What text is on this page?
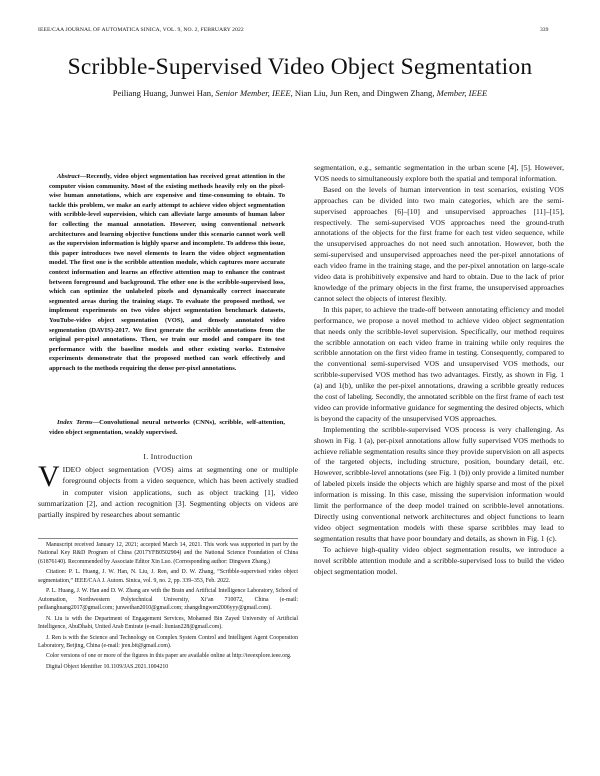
IEEE/CAA JOURNAL OF AUTOMATICA SINICA, VOL. 9, NO. 2, FEBRUARY 2022	339
Scribble-Supervised Video Object Segmentation
Peiliang Huang, Junwei Han, Senior Member, IEEE, Nian Liu, Jun Ren, and Dingwen Zhang, Member, IEEE
Abstract—Recently, video object segmentation has received great attention in the computer vision community. Most of the existing methods heavily rely on the pixel-wise human annotations, which are expensive and time-consuming to obtain. To tackle this problem, we make an early attempt to achieve video object segmentation with scribble-level supervision, which can alleviate large amounts of human labor for collecting the manual annotation. However, using conventional network architectures and learning objective functions under this scenario cannot work well as the supervision information is highly sparse and incomplete. To address this issue, this paper introduces two novel elements to learn the video object segmentation model. The first one is the scribble attention module, which captures more accurate context information and learns an effective attention map to enhance the contrast between foreground and background. The other one is the scribble-supervised loss, which can optimize the unlabeled pixels and dynamically correct inaccurate segmented areas during the training stage. To evaluate the proposed method, we implement experiments on two video object segmentation benchmark datasets, YouTube-video object segmentation (VOS), and densely annotated video segmentation (DAVIS)-2017. We first generate the scribble annotations from the original per-pixel annotations. Then, we train our model and compare its test performance with the baseline models and other existing works. Extensive experiments demonstrate that the proposed method can work effectively and approach to the methods requiring the dense per-pixel annotations.
Index Terms—Convolutional neural networks (CNNs), scribble, self-attention, video object segmentation, weakly supervised.
I. Introduction
VIDEO object segmentation (VOS) aims at segmenting one or multiple foreground objects from a video sequence, which has been actively studied in computer vision applications, such as object tracking [1], video summarization [2], and action recognition [3]. Segmenting objects on videos are partially inspired by researches about semantic

Manuscript received January 12, 2021; accepted March 14, 2021. This work was supported in part by the National Key R&D Program of China (2017YFB0502904) and the National Science Foundation of China (61876140). Recommended by Associate Editor Xin Luo. (Corresponding author: Dingwen Zhang.)

Citation: P. L. Huang, J. W. Han, N. Liu, J. Ren, and D. W. Zhang, “Scribble-supervised video object segmentation,” IEEE/CAA J. Autom. Sinica, vol. 9, no. 2, pp. 339–353, Feb. 2022.

P. L. Huang, J. W. Han and D. W. Zhang are with the Brain and Artificial Intelligence Laboratory, School of Automation, Northwestern Polytechnical University, Xi’an 710072, China (e-mail: peilianghuang2017@gmail.com; junweihan2010@gmail.com; zhangdingwen2006yyy@gmail.com).

N. Liu is with the Department of Engagement Services, Mohamed Bin Zayed University of Artificial Intelligence, AbuDhabi, United Arab Emirate (e-mail: liunian228@gmail.com).

J. Ren is with the Science and Technology on Complex System Control and Intelligent Agent Cooperation Laboratory, Beijing, China (e-mail: jren.bit@gmail.com).

Color versions of one or more of the figures in this paper are available online at http://ieeexplore.ieee.org.

Digital Object Identifier 10.1109/JAS.2021.1004210

segmentation, e.g., semantic segmentation in the urban scene [4], [5]. However, VOS needs to simultaneously explore both the spatial and temporal information.

Based on the levels of human intervention in test scenarios, existing VOS approaches can be divided into two main categories, which are the semi-supervised approaches [6]–[10] and unsupervised approaches [11]–[15], respectively. The semi-supervised VOS approaches need the ground-truth annotations of the objects for the first frame for each test video sequence, while the unsupervised approaches do not need such annotation. However, both the semi-supervised and unsupervised approaches need the per-pixel annotations of each video frame in the training stage, and the per-pixel annotation on large-scale video data is prohibitively expensive and hard to obtain. Due to the lack of prior knowledge of the primary objects in the first frame, the unsupervised approaches cannot select the objects of interest flexibly.

In this paper, to achieve the trade-off between annotating efficiency and model performance, we propose a novel method to achieve video object segmentation that needs only the scribble-level supervision. Specifically, our method requires the scribble annotation on each video frame in training while only requires the scribble annotation on the first video frame in testing. Consequently, compared to the conventional semi-supervised VOS and unsupervised VOS methods, our scribble-supervised VOS method has two advantages. Firstly, as shown in Fig. 1 (a) and 1(b), unlike the per-pixel annotations, drawing a scribble greatly reduces the cost of labeling. Secondly, the annotated scribble on the first frame of each test video can provide informative guidance for segmenting the desired objects, which is beyond the capacity of the unsupervised VOS approaches.

Implementing the scribble-supervised VOS process is very challenging. As shown in Fig. 1 (a), per-pixel annotations allow fully supervised VOS methods to achieve reliable segmentation results since they provide supervision on all aspects of the targeted objects, including structure, position, boundary detail, etc. However, scribble-level annotations (see Fig. 1 (b)) only provide a limited number of labeled pixels inside the objects which are highly sparse and most of the pixel information is missing. In this case, missing the supervision information would limit the performance of the deep model trained on scribble-level annotations. Directly using conventional network architectures and object functions to learn video object segmentation models with these sparse scribbles may lead to segmentation results that have poor boundary and details, as shown in Fig. 1 (c).

To achieve high-quality video object segmentation results, we introduce a novel scribble attention module and a scribble-supervised loss to build the video object segmentation model.
